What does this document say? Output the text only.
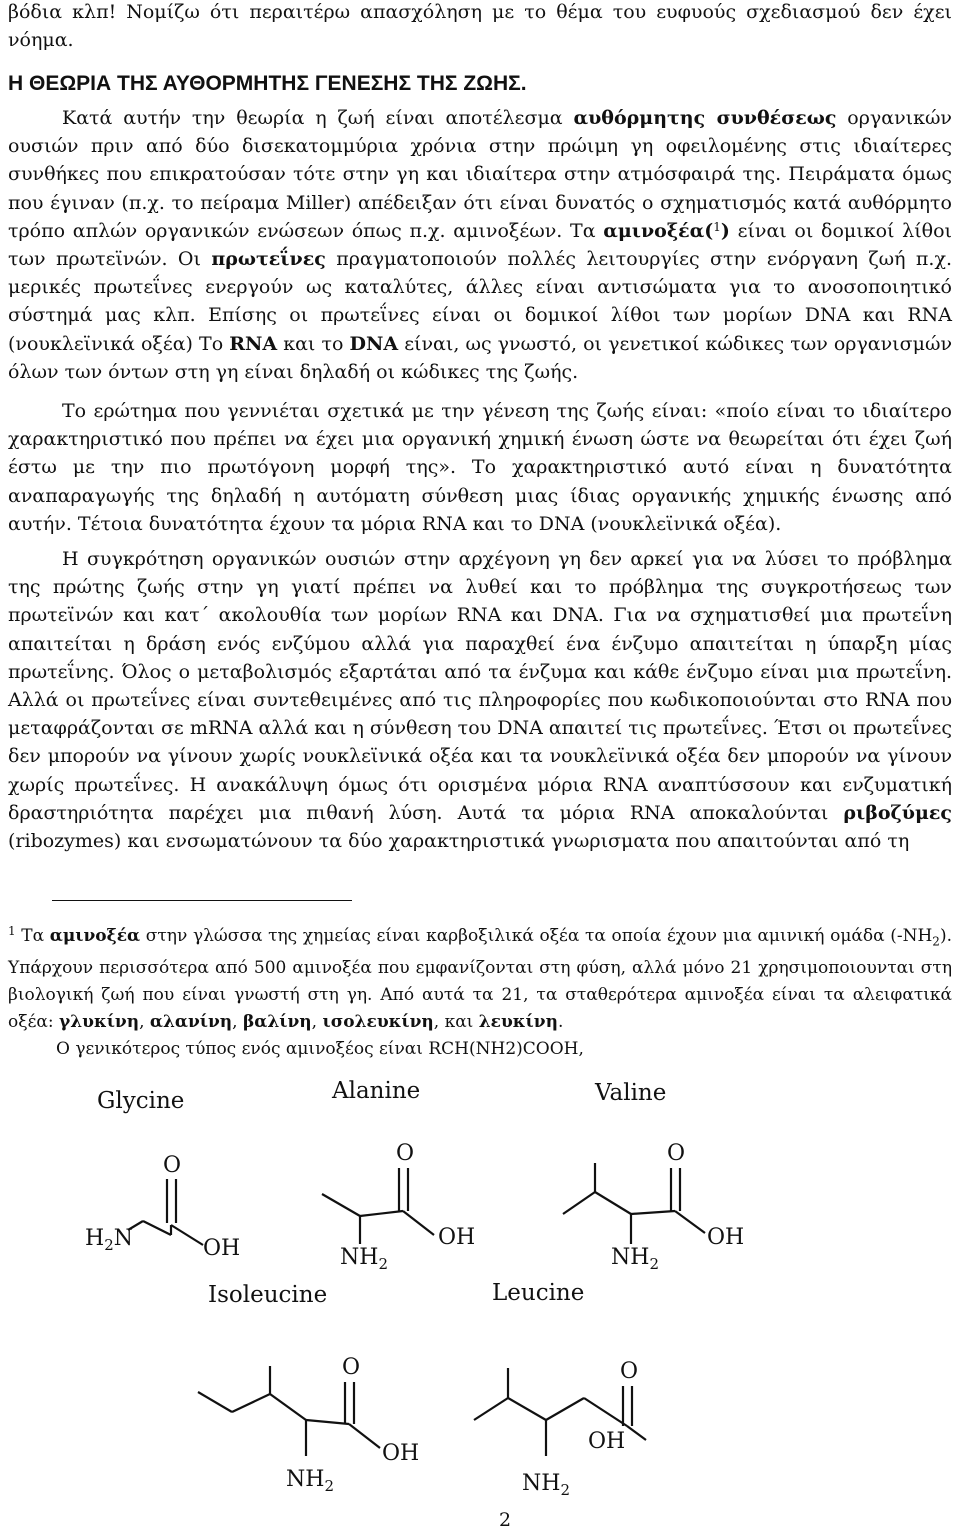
βόδια κλπ! Νομίζω ότι περαιτέρω απασχόληση με το θέμα του ευφυούς σχεδιασμού δεν έχει νόημα.

Η ΘΕΩΡΙΑ ΤΗΣ ΑΥΘΟΡΜΗΤΗΣ ΓΕΝΕΣΗΣ ΤΗΣ ΖΩΗΣ.

Κατά αυτήν την θεωρία η ζωή είναι αποτέλεσμα αυθόρμητης συνθέσεως οργανικών ουσιών πριν από δύο δισεκατομμύρια χρόνια στην πρώιμη γη οφειλομένης στις ιδιαίτερες συνθήκες που επικρατούσαν τότε στην γη και ιδιαίτερα στην ατμόσφαιρά της. Πειράματα όμως που έγιναν (π.χ. το πείραμα Miller) απέδειξαν ότι είναι δυνατός ο σχηματισμός κατά αυθόρμητο τρόπο απλών οργανικών ενώσεων όπως π.χ. αμινοξέων. Τα αμινοξέα($^1$) είναι οι δομικοί λίθοι των πρωτεϊνών. Οι πρωτεΐνες πραγματοποιούν πολλές λειτουργίες στην ενόργανη ζωή π.χ. μερικές πρωτεΐνες ενεργούν ως καταλύτες, άλλες είναι αντισώματα για το ανοσοποιητικό σύστημά μας κλπ. Επίσης οι πρωτεΐνες είναι οι δομικοί λίθοι των μορίων DNA και RNA (νουκλεϊνικά οξέα) Το RNA και το DNA είναι, ως γνωστό, οι γενετικοί κώδικες των οργανισμών όλων των όντων στη γη είναι δηλαδή οι κώδικες της ζωής.

Το ερώτημα που γεννιέται σχετικά με την γένεση της ζωής είναι: «ποίο είναι το ιδιαίτερο χαρακτηριστικό που πρέπει να έχει μια οργανική χημική ένωση ώστε να θεωρείται ότι έχει ζωή έστω με την πιο πρωτόγονη μορφή της». Το χαρακτηριστικό αυτό είναι η δυνατότητα αναπαραγωγής της δηλαδή η αυτόματη σύνθεση μιας ίδιας οργανικής χημικής ένωσης από αυτήν. Τέτοια δυνατότητα έχουν τα μόρια RNA και το DNA (νουκλεϊνικά οξέα).

Η συγκρότηση οργανικών ουσιών στην αρχέγονη γη δεν αρκεί για να λύσει το πρόβλημα της πρώτης ζωής στην γη γιατί πρέπει να λυθεί και το πρόβλημα της συγκροτήσεως των πρωτεϊνών και κατ΄ ακολουθία των μορίων RNA και DNA. Για να σχηματισθεί μια πρωτεΐνη απαιτείται η δράση ενός ενζύμου αλλά για παραχθεί ένα ένζυμο απαιτείται η ύπαρξη μίας πρωτεΐνης. Όλος ο μεταβολισμός εξαρτάται από τα ένζυμα και κάθε ένζυμο είναι μια πρωτεΐνη. Αλλά οι πρωτεΐνες είναι συντεθειμένες από τις πληροφορίες που κωδικοποιούνται στο RNA που μεταφράζονται σε mRNA αλλά και η σύνθεση του DNA απαιτεί τις πρωτεΐνες. Έτσι οι πρωτεΐνες δεν μπορούν να γίνουν χωρίς νουκλεϊνικά οξέα και τα νουκλεϊνικά οξέα δεν μπορούν να γίνουν χωρίς πρωτεΐνες. Η ανακάλυψη όμως ότι ορισμένα μόρια RNA αναπτύσσουν και ενζυματική δραστηριότητα παρέχει μια πιθανή λύση. Αυτά τα μόρια RNA αποκαλούνται ριβοζύμες (ribozymes) και ενσωματώνουν τα δύο χαρακτηριστικά γνωρισματα που απαιτούνται από τη

$^1$ Τα αμινοξέα στην γλώσσα της χημείας είναι καρβοξιλικά οξέα τα οποία έχουν μια αμινική ομάδα $(-NH_2)$. Υπάρχουν περισσότερα από 500 αμινοξέα που εμφανίζονται στη φύση, αλλά μόνο 21 χρησιμοποιoυνται στη βιολογική ζωή που είναι γνωστή στη γη. Από αυτά τα 21, τα σταθερότερα αμινοξέα είναι τα αλειφατικά οξέα: γλυκίνη, αλανίνη, βαλίνη, ισολευκίνη, και λευκίνη.

Ο γενικότερος τύπος ενός αμινοξέος είναι RCH(NH2)COOH,

Glycine
O
$H_2N$	OH
Alanine
O
OH
$NH_2$
Valine
O
OH
$NH_2$
Isoleucine
O
OH
$NH_2$
Leucine
O
OH
$NH_2$

2
